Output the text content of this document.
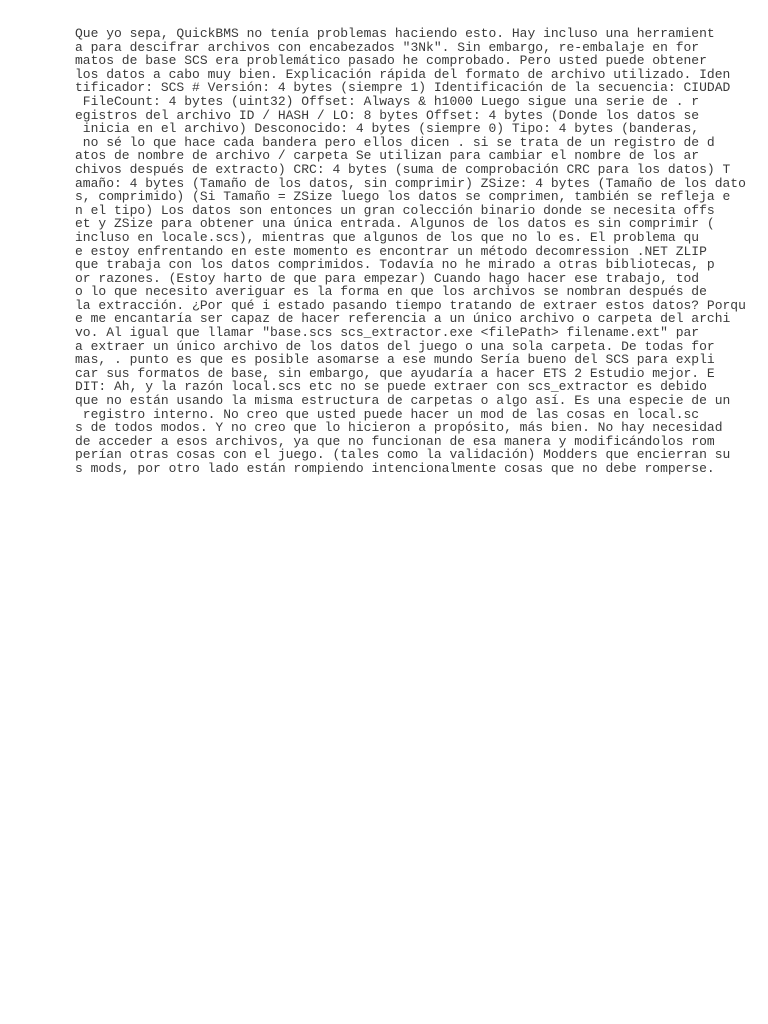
Que yo sepa, QuickBMS no tenía problemas haciendo esto. Hay incluso una herramient
a para descifrar archivos con encabezados "3Nk". Sin embargo, re-embalaje en for
matos de base SCS era problemático pasado he comprobado. Pero usted puede obtener
los datos a cabo muy bien. Explicación rápida del formato de archivo utilizado. Iden
tificador: SCS # Versión: 4 bytes (siempre 1) Identificación de la secuencia: CIUDAD
FileCount: 4 bytes (uint32) Offset: Always & h1000 Luego sigue una serie de . r
egistros del archivo ID / HASH / LO: 8 bytes Offset: 4 bytes (Donde los datos se
inicia en el archivo) Desconocido: 4 bytes (siempre 0) Tipo: 4 bytes (banderas,
no sé lo que hace cada bandera pero ellos dicen . si se trata de un registro de d
atos de nombre de archivo / carpeta Se utilizan para cambiar el nombre de los ar
chivos después de extracto) CRC: 4 bytes (suma de comprobación CRC para los datos) T
amaño: 4 bytes (Tamaño de los datos, sin comprimir) ZSize: 4 bytes (Tamaño de los dato
s, comprimido) (Si Tamaño = ZSize luego los datos se comprimen, también se refleja e
n el tipo) Los datos son entonces un gran colección binario donde se necesita offs
et y ZSize para obtener una única entrada. Algunos de los datos es sin comprimir (
incluso en locale.scs), mientras que algunos de los que no lo es. El problema qu
e estoy enfrentando en este momento es encontrar un método decomression .NET ZLIP
que trabaja con los datos comprimidos. Todavía no he mirado a otras bibliotecas, p
or razones. (Estoy harto de que para empezar) Cuando hago hacer ese trabajo, tod
o lo que necesito averiguar es la forma en que los archivos se nombran después de
la extracción. ¿Por qué i estado pasando tiempo tratando de extraer estos datos? Porqu
e me encantaría ser capaz de hacer referencia a un único archivo o carpeta del archi
vo. Al igual que llamar "base.scs scs_extractor.exe <filePath> filename.ext" par
a extraer un único archivo de los datos del juego o una sola carpeta. De todas for
mas, . punto es que es posible asomarse a ese mundo Sería bueno del SCS para expli
car sus formatos de base, sin embargo, que ayudaría a hacer ETS 2 Estudio mejor. E
DIT: Ah, y la razón local.scs etc no se puede extraer con scs_extractor es debido
que no están usando la misma estructura de carpetas o algo así. Es una especie de un
registro interno. No creo que usted puede hacer un mod de las cosas en local.sc
s de todos modos. Y no creo que lo hicieron a propósito, más bien. No hay necesidad
de acceder a esos archivos, ya que no funcionan de esa manera y modificándolos rom
perían otras cosas con el juego. (tales como la validación) Modders que encierran su
s mods, por otro lado están rompiendo intencionalmente cosas que no debe romperse.
